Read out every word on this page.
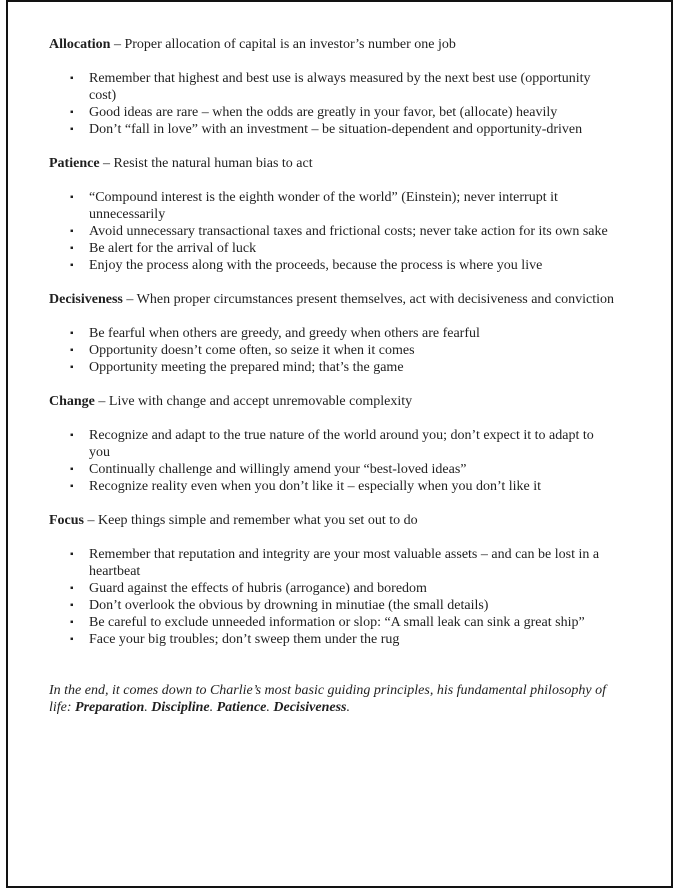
Allocation – Proper allocation of capital is an investor’s number one job

▪ Remember that highest and best use is always measured by the next best use (opportunity cost)
▪ Good ideas are rare – when the odds are greatly in your favor, bet (allocate) heavily
▪ Don’t “fall in love” with an investment – be situation-dependent and opportunity-driven

Patience – Resist the natural human bias to act

▪ “Compound interest is the eighth wonder of the world” (Einstein); never interrupt it unnecessarily
▪ Avoid unnecessary transactional taxes and frictional costs; never take action for its own sake
▪ Be alert for the arrival of luck
▪ Enjoy the process along with the proceeds, because the process is where you live

Decisiveness – When proper circumstances present themselves, act with decisiveness and conviction

▪ Be fearful when others are greedy, and greedy when others are fearful
▪ Opportunity doesn’t come often, so seize it when it comes
▪ Opportunity meeting the prepared mind; that’s the game

Change – Live with change and accept unremovable complexity

▪ Recognize and adapt to the true nature of the world around you; don’t expect it to adapt to you
▪ Continually challenge and willingly amend your “best-loved ideas”
▪ Recognize reality even when you don’t like it – especially when you don’t like it

Focus – Keep things simple and remember what you set out to do

▪ Remember that reputation and integrity are your most valuable assets – and can be lost in a heartbeat
▪ Guard against the effects of hubris (arrogance) and boredom
▪ Don’t overlook the obvious by drowning in minutiae (the small details)
▪ Be careful to exclude unneeded information or slop: “A small leak can sink a great ship”
▪ Face your big troubles; don’t sweep them under the rug

In the end, it comes down to Charlie’s most basic guiding principles, his fundamental philosophy of life: Preparation. Discipline. Patience. Decisiveness.
